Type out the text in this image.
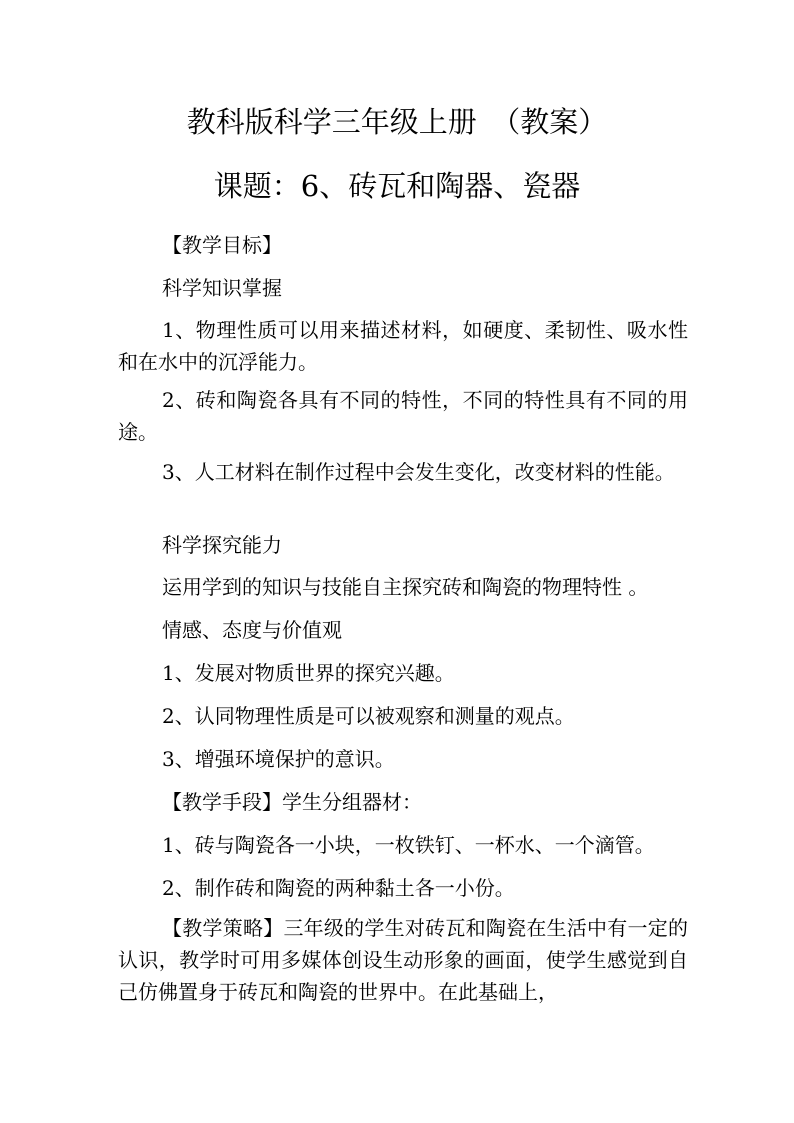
教科版科学三年级上册　（教案）
课题：6、砖瓦和陶器、瓷器
【教学目标】
科学知识掌握
1、物理性质可以用来描述材料，如硬度、柔韧性、吸水性和在水中的沉浮能力。
2、砖和陶瓷各具有不同的特性，不同的特性具有不同的用途。
3、人工材料在制作过程中会发生变化，改变材料的性能。
科学探究能力
运用学到的知识与技能自主探究砖和陶瓷的物理特性 。
情感、态度与价值观
1、发展对物质世界的探究兴趣。
2、认同物理性质是可以被观察和测量的观点。
3、增强环境保护的意识。
【教学手段】学生分组器材：
1、砖与陶瓷各一小块，一枚铁钉、一杯水、一个滴管。
2、制作砖和陶瓷的两种黏土各一小份。
【教学策略】三年级的学生对砖瓦和陶瓷在生活中有一定的认识，教学时可用多媒体创设生动形象的画面，使学生感觉到自己仿佛置身于砖瓦和陶瓷的世界中。在此基础上，
